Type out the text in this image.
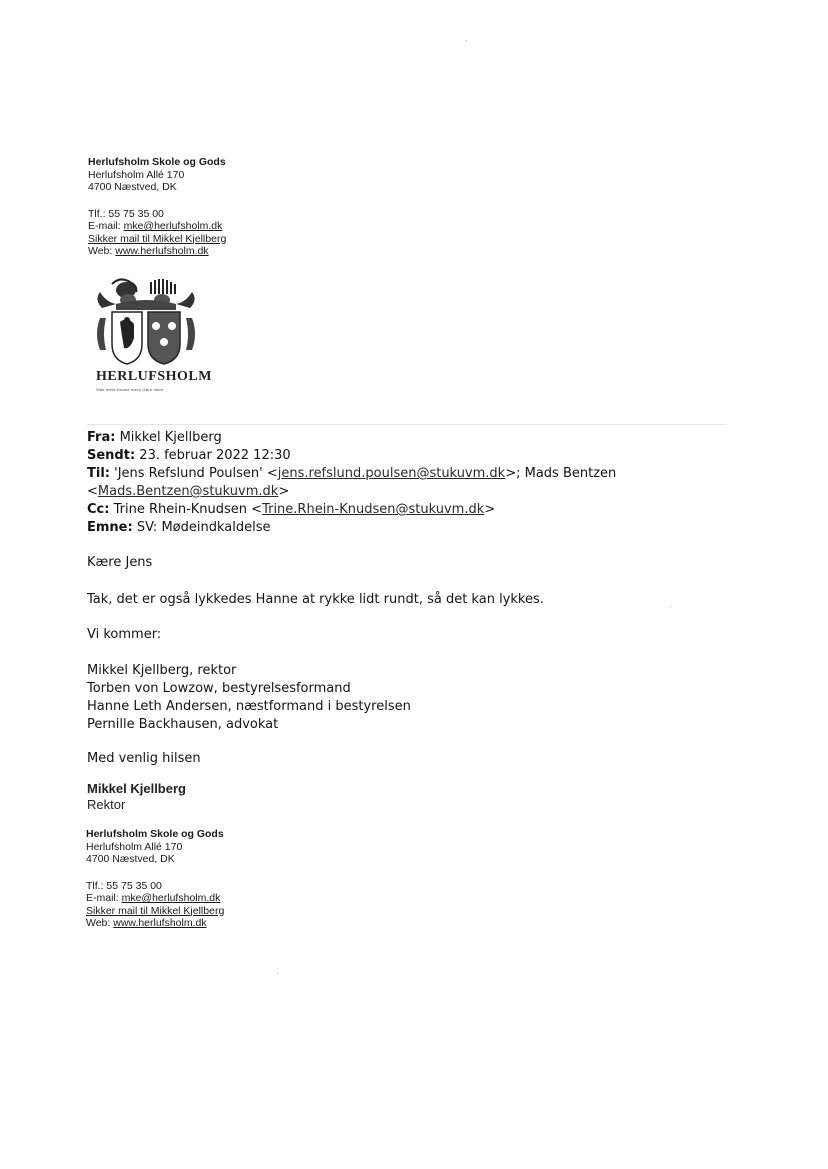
Herlufsholm Skole og Gods
Herlufsholm Allé 170
4700 Næstved, DK
Tlf.: 55 75 35 00
E-mail: mke@herlufsholm.dk
Sikker mail til Mikkel Kjellberg
Web: www.herlufsholm.dk
HERLUFSHOLM
Vide mere Kunne mere Gøre mere
Fra: Mikkel Kjellberg
Sendt: 23. februar 2022 12:30
Til: 'Jens Refslund Poulsen' <jens.refslund.poulsen@stukuvm.dk>; Mads Bentzen
<Mads.Bentzen@stukuvm.dk>
Cc: Trine Rhein-Knudsen <Trine.Rhein-Knudsen@stukuvm.dk>
Emne: SV: Mødeindkaldelse
Kære Jens
Tak, det er også lykkedes Hanne at rykke lidt rundt, så det kan lykkes.
Vi kommer:
Mikkel Kjellberg, rektor
Torben von Lowzow, bestyrelsesformand
Hanne Leth Andersen, næstformand i bestyrelsen
Pernille Backhausen, advokat
Med venlig hilsen
Mikkel Kjellberg
Rektor
Herlufsholm Skole og Gods
Herlufsholm Allé 170
4700 Næstved, DK
Tlf.: 55 75 35 00
E-mail: mke@herlufsholm.dk
Sikker mail til Mikkel Kjellberg
Web: www.herlufsholm.dk
